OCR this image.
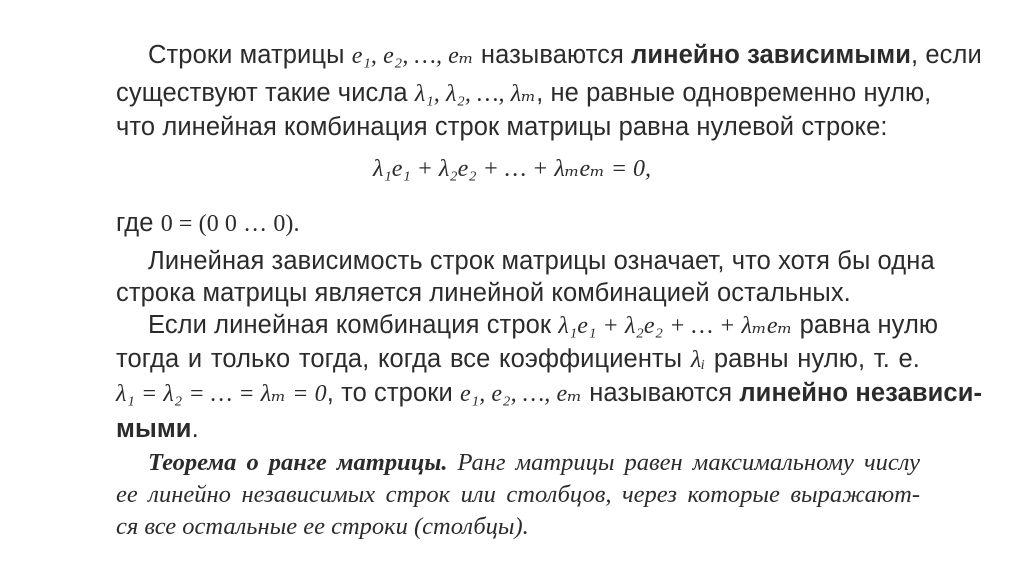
Строки матрицы e₁, e₂, …, eₘ называются линейно зависимыми, если
существуют такие числа λ₁, λ₂, …, λₘ, не равные одновременно нулю,
что линейная комбинация строк матрицы равна нулевой строке:
λ₁e₁ + λ₂e₂ + … + λₘeₘ = 0,
где 0 = (0 0 … 0).
Линейная зависимость строк матрицы означает, что хотя бы одна
строка матрицы является линейной комбинацией остальных.
Если линейная комбинация строк λ₁e₁ + λ₂e₂ + … + λₘeₘ равна нулю
тогда и только тогда, когда все коэффициенты λᵢ равны нулю, т. е.
λ₁ = λ₂ = … = λₘ = 0, то строки e₁, e₂, …, eₘ называются линейно независи-
мыми.
Теорема о ранге матрицы. Ранг матрицы равен максимальному числу
ее линейно независимых строк или столбцов, через которые выражают-
ся все остальные ее строки (столбцы).
